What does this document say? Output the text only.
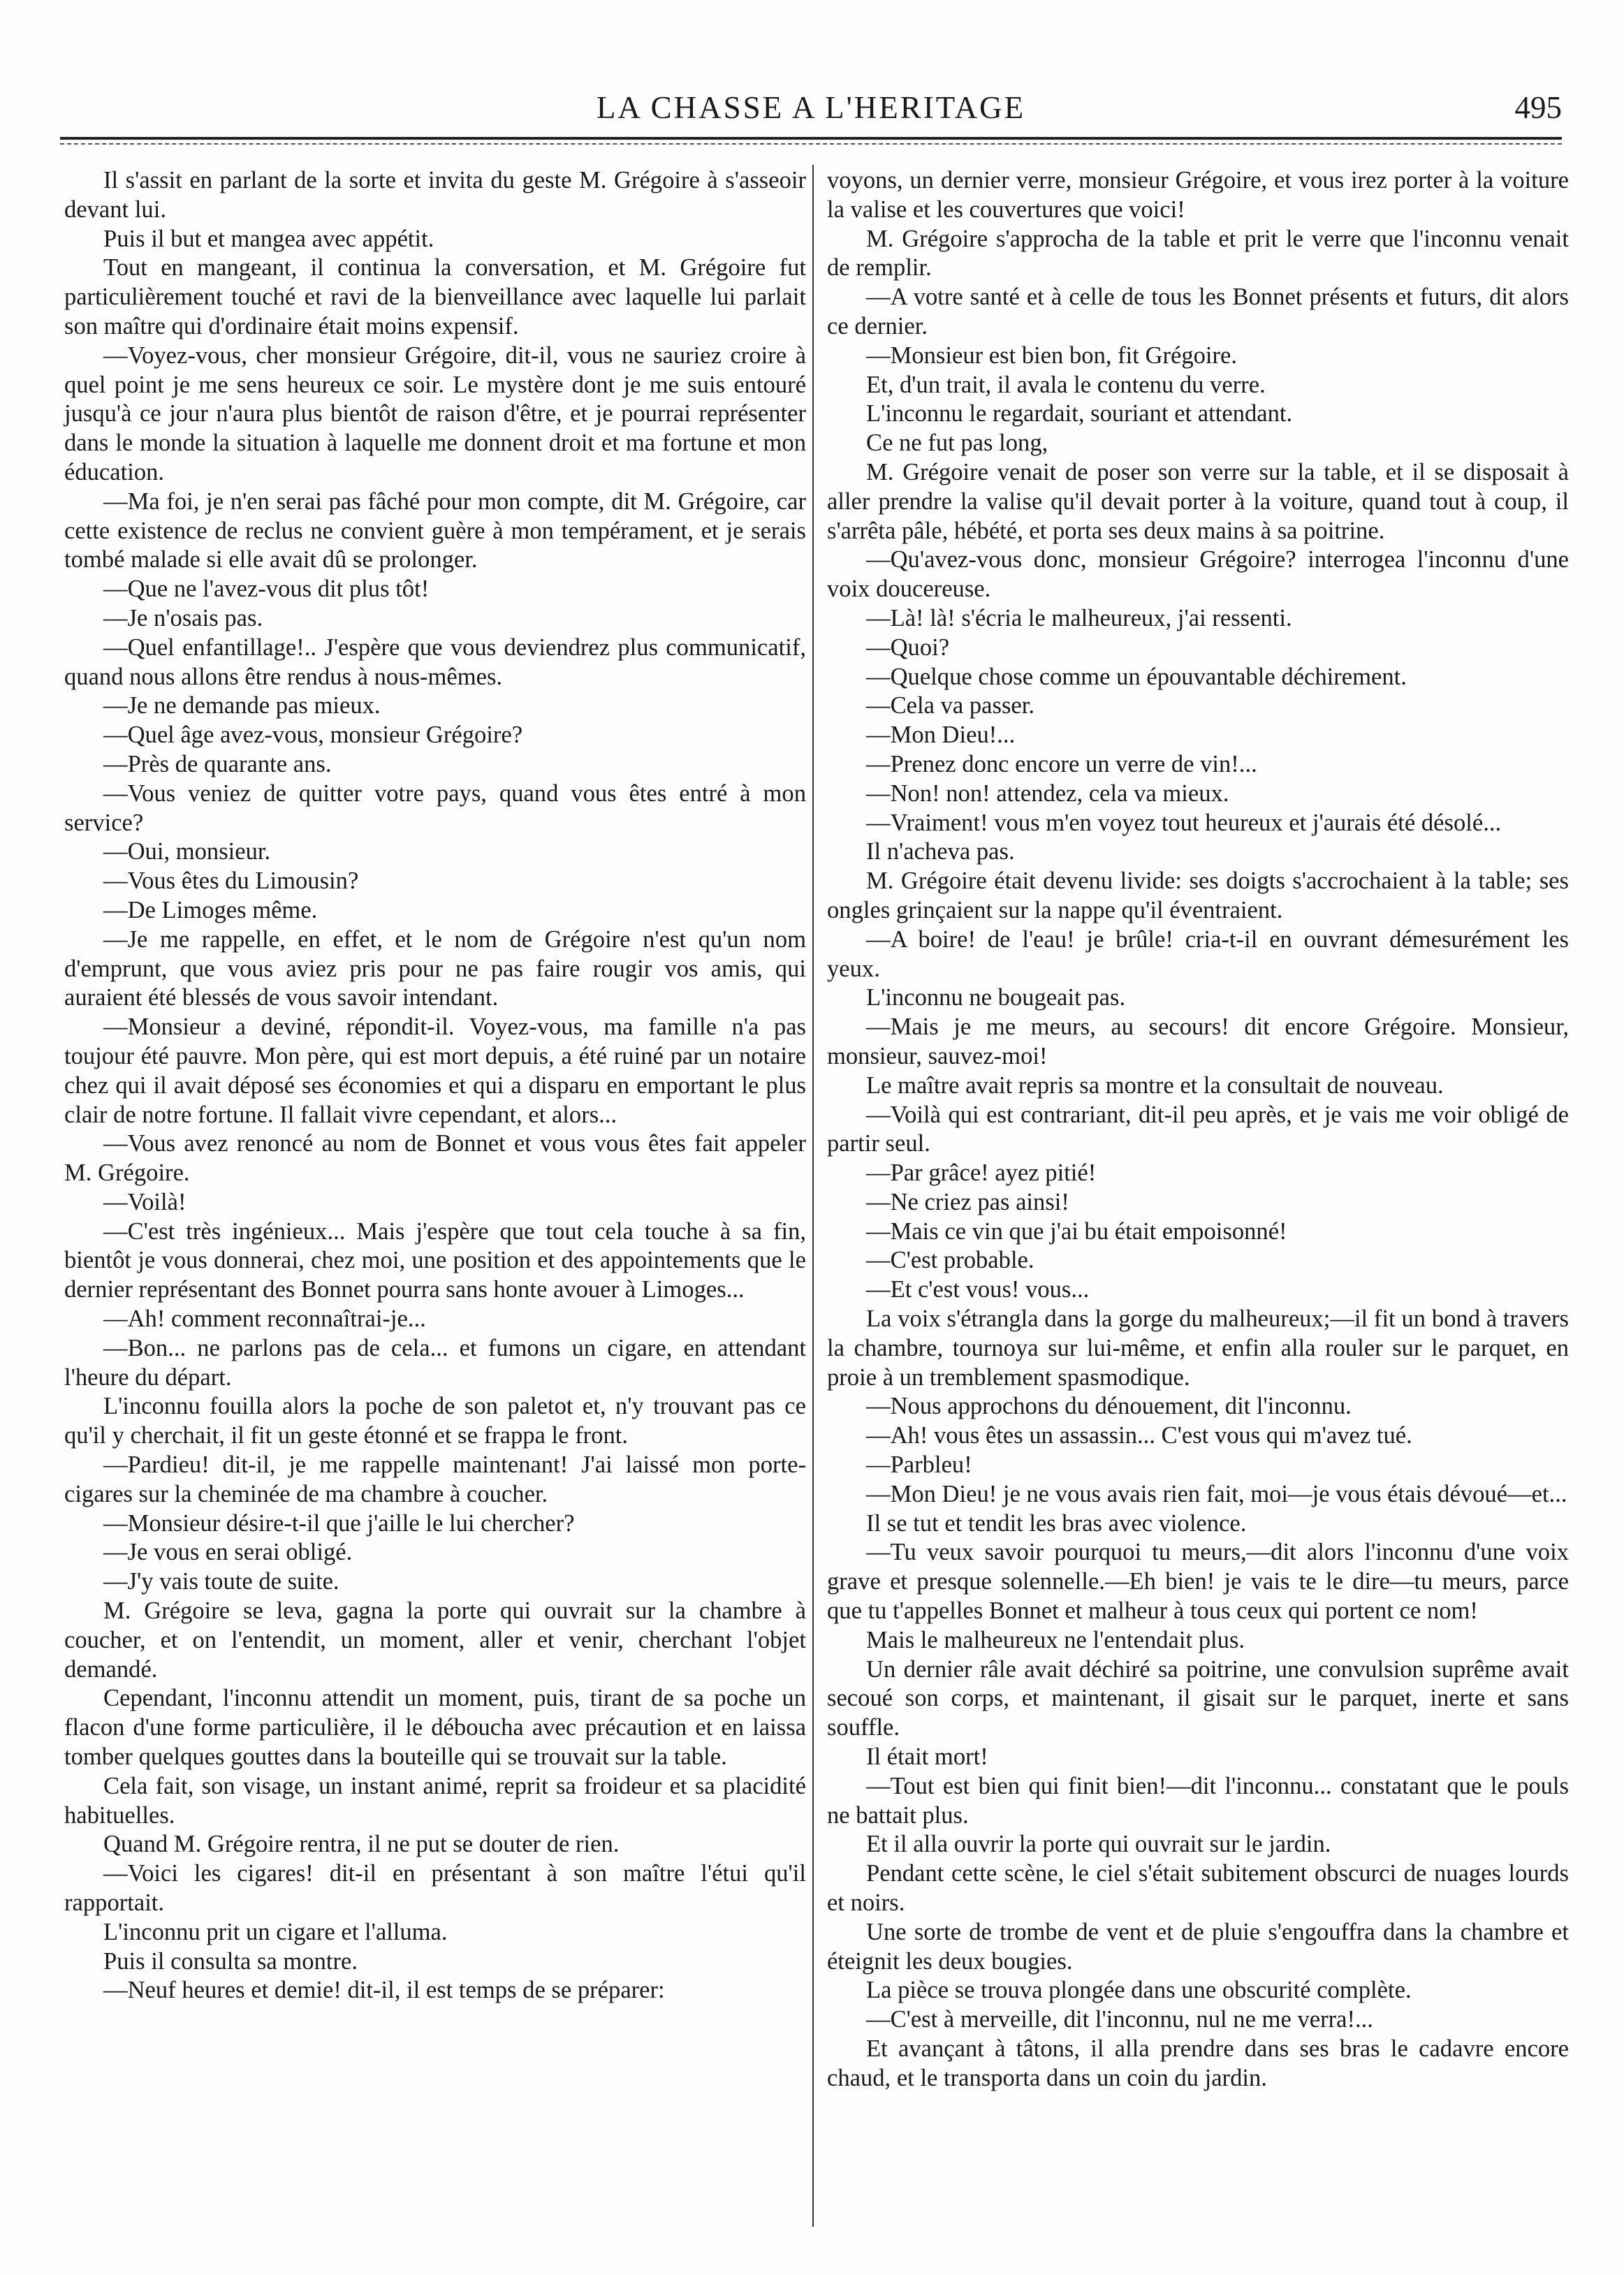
LA CHASSE A L'HERITAGE	495

Il s'assit en parlant de la sorte et invita du geste M. Grégoire à s'asseoir devant lui.

Puis il but et mangea avec appétit.

Tout en mangeant, il continua la conversation, et M. Grégoire fut particulièrement touché et ravi de la bienveillance avec laquelle lui parlait son maître qui d'ordinaire était moins expensif.

—Voyez-vous, cher monsieur Grégoire, dit-il, vous ne sauriez croire à quel point je me sens heureux ce soir. Le mystère dont je me suis entouré jusqu'à ce jour n'aura plus bientôt de raison d'être, et je pourrai représenter dans le monde la situation à laquelle me donnent droit et ma fortune et mon éducation.

—Ma foi, je n'en serai pas fâché pour mon compte, dit M. Grégoire, car cette existence de reclus ne convient guère à mon tempérament, et je serais tombé malade si elle avait dû se prolonger.

—Que ne l'avez-vous dit plus tôt!

—Je n'osais pas.

—Quel enfantillage!.. J'espère que vous deviendrez plus communicatif, quand nous allons être rendus à nous-mêmes.

—Je ne demande pas mieux.

—Quel âge avez-vous, monsieur Grégoire?

—Près de quarante ans.

—Vous veniez de quitter votre pays, quand vous êtes entré à mon service?

—Oui, monsieur.

—Vous êtes du Limousin?

—De Limoges même.

—Je me rappelle, en effet, et le nom de Grégoire n'est qu'un nom d'emprunt, que vous aviez pris pour ne pas faire rougir vos amis, qui auraient été blessés de vous savoir intendant.

—Monsieur a deviné, répondit-il. Voyez-vous, ma famille n'a pas toujour été pauvre. Mon père, qui est mort depuis, a été ruiné par un notaire chez qui il avait déposé ses économies et qui a disparu en emportant le plus clair de notre fortune. Il fallait vivre cependant, et alors...

—Vous avez renoncé au nom de Bonnet et vous vous êtes fait appeler M. Grégoire.

—Voilà!

—C'est très ingénieux... Mais j'espère que tout cela touche à sa fin, bientôt je vous donnerai, chez moi, une position et des appointements que le dernier représentant des Bonnet pourra sans honte avouer à Limoges...

—Ah! comment reconnaîtrai-je...

—Bon... ne parlons pas de cela... et fumons un cigare, en attendant l'heure du départ.

L'inconnu fouilla alors la poche de son paletot et, n'y trouvant pas ce qu'il y cherchait, il fit un geste étonné et se frappa le front.

—Pardieu! dit-il, je me rappelle maintenant! J'ai laissé mon porte-cigares sur la cheminée de ma chambre à coucher.

—Monsieur désire-t-il que j'aille le lui chercher?

—Je vous en serai obligé.

—J'y vais toute de suite.

M. Grégoire se leva, gagna la porte qui ouvrait sur la chambre à coucher, et on l'entendit, un moment, aller et venir, cherchant l'objet demandé.

Cependant, l'inconnu attendit un moment, puis, tirant de sa poche un flacon d'une forme particulière, il le déboucha avec précaution et en laissa tomber quelques gouttes dans la bouteille qui se trouvait sur la table.

Cela fait, son visage, un instant animé, reprit sa froideur et sa placidité habituelles.

Quand M. Grégoire rentra, il ne put se douter de rien.

—Voici les cigares! dit-il en présentant à son maître l'étui qu'il rapportait.

L'inconnu prit un cigare et l'alluma.

Puis il consulta sa montre.

—Neuf heures et demie! dit-il, il est temps de se préparer:

voyons, un dernier verre, monsieur Grégoire, et vous irez porter à la voiture la valise et les couvertures que voici!

M. Grégoire s'approcha de la table et prit le verre que l'inconnu venait de remplir.

—A votre santé et à celle de tous les Bonnet présents et futurs, dit alors ce dernier.

—Monsieur est bien bon, fit Grégoire.

Et, d'un trait, il avala le contenu du verre.

L'inconnu le regardait, souriant et attendant.

Ce ne fut pas long,

M. Grégoire venait de poser son verre sur la table, et il se disposait à aller prendre la valise qu'il devait porter à la voiture, quand tout à coup, il s'arrêta pâle, hébété, et porta ses deux mains à sa poitrine.

—Qu'avez-vous donc, monsieur Grégoire? interrogea l'inconnu d'une voix doucereuse.

—Là! là! s'écria le malheureux, j'ai ressenti.

—Quoi?

—Quelque chose comme un épouvantable déchirement.

—Cela va passer.

—Mon Dieu!...

—Prenez donc encore un verre de vin!...

—Non! non! attendez, cela va mieux.

—Vraiment! vous m'en voyez tout heureux et j'aurais été désolé...

Il n'acheva pas.

M. Grégoire était devenu livide: ses doigts s'accrochaient à la table; ses ongles grinçaient sur la nappe qu'il éventraient.

—A boire! de l'eau! je brûle! cria-t-il en ouvrant démesurément les yeux.

L'inconnu ne bougeait pas.

—Mais je me meurs, au secours! dit encore Grégoire. Monsieur, monsieur, sauvez-moi!

Le maître avait repris sa montre et la consultait de nouveau.

—Voilà qui est contrariant, dit-il peu après, et je vais me voir obligé de partir seul.

—Par grâce! ayez pitié!

—Ne criez pas ainsi!

—Mais ce vin que j'ai bu était empoisonné!

—C'est probable.

—Et c'est vous! vous...

La voix s'étrangla dans la gorge du malheureux;—il fit un bond à travers la chambre, tournoya sur lui-même, et enfin alla rouler sur le parquet, en proie à un tremblement spasmodique.

—Nous approchons du dénouement, dit l'inconnu.

—Ah! vous êtes un assassin... C'est vous qui m'avez tué.

—Parbleu!

—Mon Dieu! je ne vous avais rien fait, moi—je vous étais dévoué—et...

Il se tut et tendit les bras avec violence.

—Tu veux savoir pourquoi tu meurs,—dit alors l'inconnu d'une voix grave et presque solennelle.—Eh bien! je vais te le dire—tu meurs, parce que tu t'appelles Bonnet et malheur à tous ceux qui portent ce nom!

Mais le malheureux ne l'entendait plus.

Un dernier râle avait déchiré sa poitrine, une convulsion suprême avait secoué son corps, et maintenant, il gisait sur le parquet, inerte et sans souffle.

Il était mort!

—Tout est bien qui finit bien!—dit l'inconnu... constatant que le pouls ne battait plus.

Et il alla ouvrir la porte qui ouvrait sur le jardin.

Pendant cette scène, le ciel s'était subitement obscurci de nuages lourds et noirs.

Une sorte de trombe de vent et de pluie s'engouffra dans la chambre et éteignit les deux bougies.

La pièce se trouva plongée dans une obscurité complète.

—C'est à merveille, dit l'inconnu, nul ne me verra!...

Et avançant à tâtons, il alla prendre dans ses bras le cadavre encore chaud, et le transporta dans un coin du jardin.
